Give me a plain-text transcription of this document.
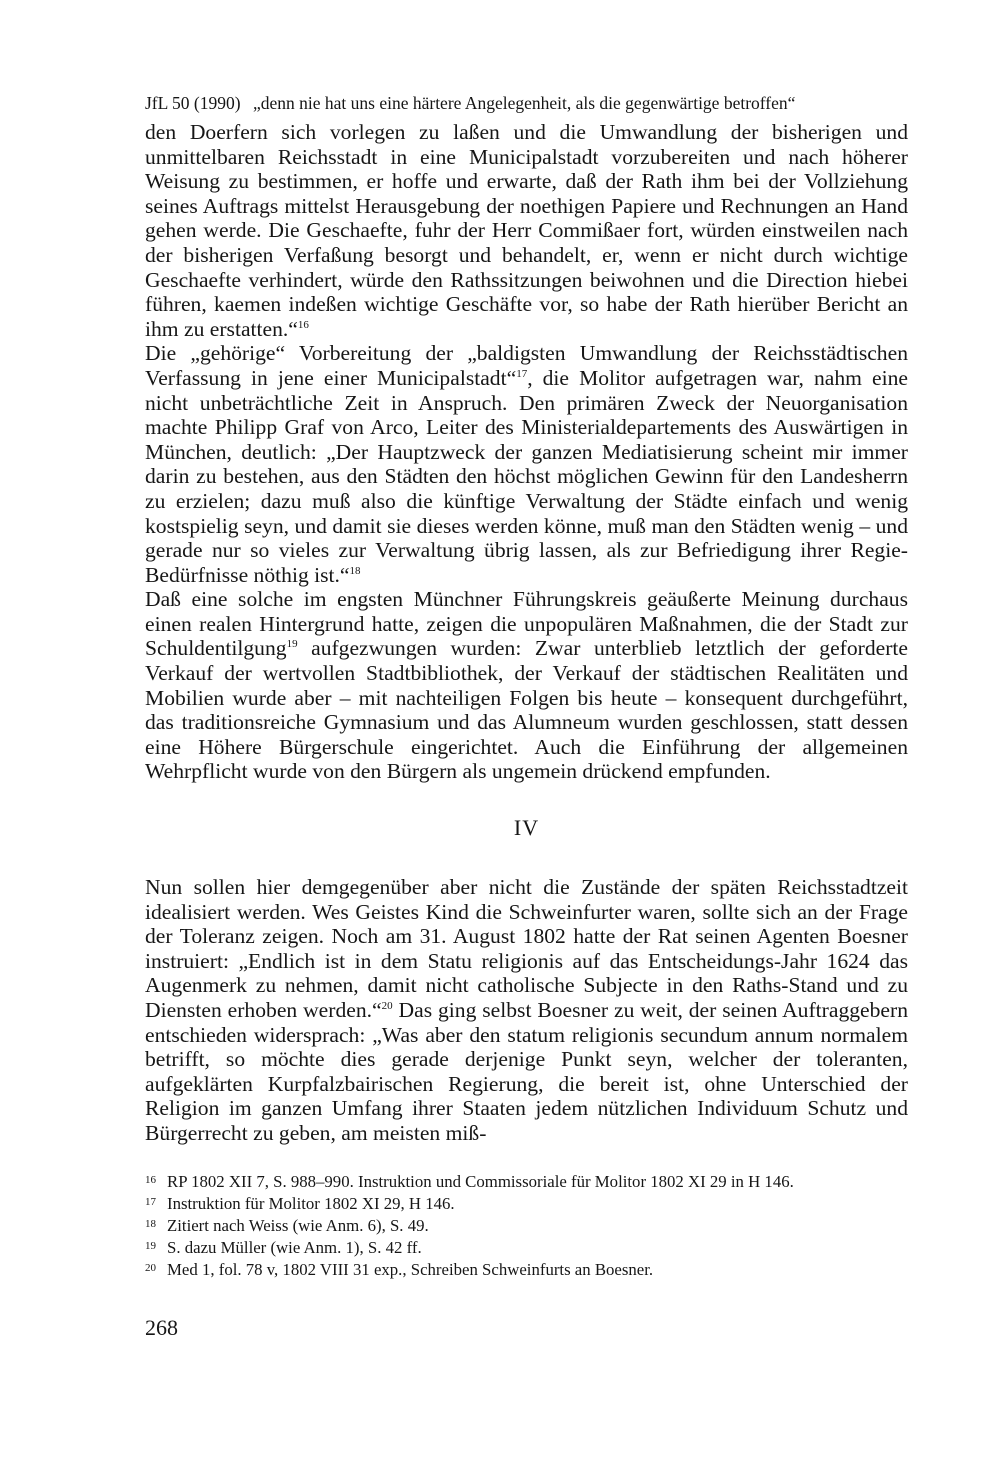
JfL 50 (1990) „denn nie hat uns eine härtere Angelegenheit, als die gegenwärtige betroffen“

den Doerfern sich vorlegen zu laßen und die Umwandlung der bisherigen und unmittelbaren Reichsstadt in eine Municipalstadt vorzubereiten und nach höherer Weisung zu bestimmen, er hoffe und erwarte, daß der Rath ihm bei der Vollziehung seines Auftrags mittelst Herausgebung der noethigen Papiere und Rechnungen an Hand gehen werde. Die Geschaefte, fuhr der Herr Commißaer fort, würden einstweilen nach der bisherigen Verfaßung besorgt und behandelt, er, wenn er nicht durch wichtige Geschaefte verhindert, würde den Rathssitzungen beiwohnen und die Direction hiebei führen, kaemen indeßen wichtige Geschäfte vor, so habe der Rath hierüber Bericht an ihm zu erstatten.“$^{16}$

Die „gehörige“ Vorbereitung der „baldigsten Umwandlung der Reichsstädtischen Verfassung in jene einer Municipalstadt“$^{17}$, die Molitor aufgetragen war, nahm eine nicht unbeträchtliche Zeit in Anspruch. Den primären Zweck der Neuorganisation machte Philipp Graf von Arco, Leiter des Ministerialdepartements des Auswärtigen in München, deutlich: „Der Hauptzweck der ganzen Mediatisierung scheint mir immer darin zu bestehen, aus den Städten den höchst möglichen Gewinn für den Landesherrn zu erzielen; dazu muß also die künftige Verwaltung der Städte einfach und wenig kostspielig seyn, und damit sie dieses werden könne, muß man den Städten wenig – und gerade nur so vieles zur Verwaltung übrig lassen, als zur Befriedigung ihrer Regie-Bedürfnisse nöthig ist.“$^{18}$

Daß eine solche im engsten Münchner Führungskreis geäußerte Meinung durchaus einen realen Hintergrund hatte, zeigen die unpopulären Maßnahmen, die der Stadt zur Schuldentilgung$^{19}$ aufgezwungen wurden: Zwar unterblieb letztlich der geforderte Verkauf der wertvollen Stadtbibliothek, der Verkauf der städtischen Realitäten und Mobilien wurde aber – mit nachteiligen Folgen bis heute – konsequent durchgeführt, das traditionsreiche Gymnasium und das Alumneum wurden geschlossen, statt dessen eine Höhere Bürgerschule eingerichtet. Auch die Einführung der allgemeinen Wehrpflicht wurde von den Bürgern als ungemein drückend empfunden.

IV

Nun sollen hier demgegenüber aber nicht die Zustände der späten Reichsstadtzeit idealisiert werden. Wes Geistes Kind die Schweinfurter waren, sollte sich an der Frage der Toleranz zeigen. Noch am 31. August 1802 hatte der Rat seinen Agenten Boesner instruiert: „Endlich ist in dem Statu religionis auf das Entscheidungs-Jahr 1624 das Augenmerk zu nehmen, damit nicht catholische Subjecte in den Raths-Stand und zu Diensten erhoben werden.“$^{20}$ Das ging selbst Boesner zu weit, der seinen Auftraggebern entschieden widersprach: „Was aber den statum religionis secundum annum normalem betrifft, so möchte dies gerade derjenige Punkt seyn, welcher der toleranten, aufgeklärten Kurpfalzbairischen Regierung, die bereit ist, ohne Unterschied der Religion im ganzen Umfang ihrer Staaten jedem nützlichen Individuum Schutz und Bürgerrecht zu geben, am meisten miß-

16 RP 1802 XII 7, S. 988–990. Instruktion und Commissoriale für Molitor 1802 XI 29 in H 146.
17 Instruktion für Molitor 1802 XI 29, H 146.
18 Zitiert nach Weiss (wie Anm. 6), S. 49.
19 S. dazu Müller (wie Anm. 1), S. 42 ff.
20 Med 1, fol. 78 v, 1802 VIII 31 exp., Schreiben Schweinfurts an Boesner.
268
